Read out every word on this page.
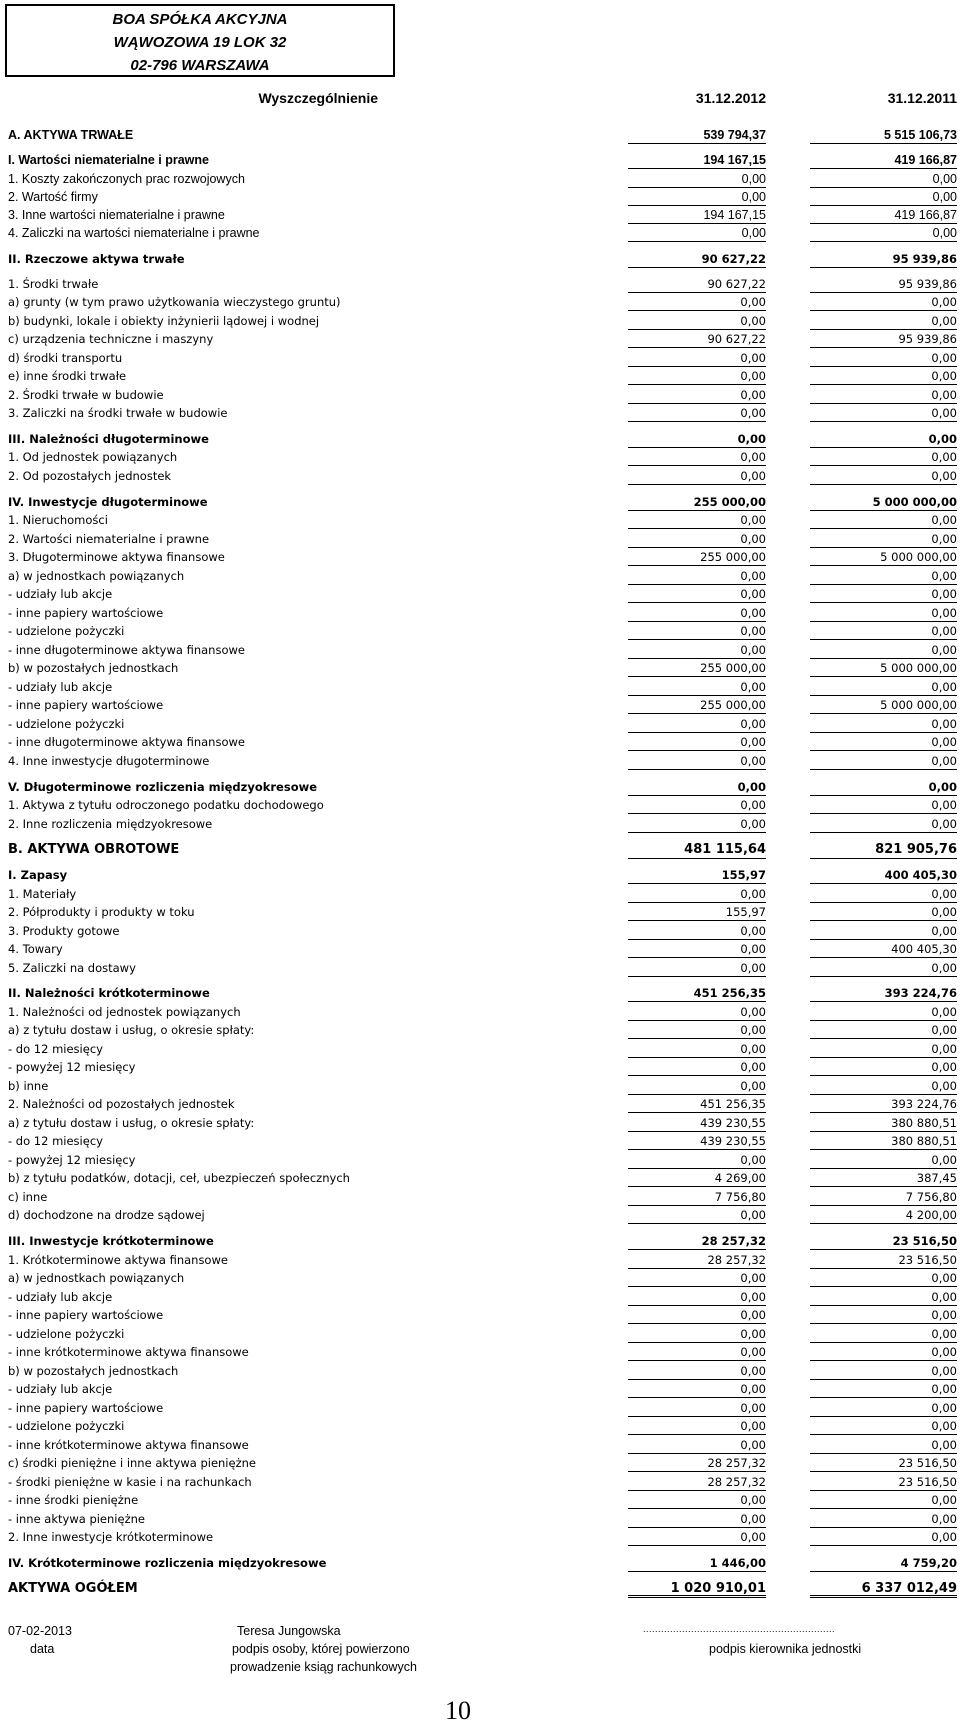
BOA SPÓŁKA AKCYJNA
WĄWOZOWA 19 LOK 32
02-796 WARSZAWA
Wyszczególnienie	31.12.2012	31.12.2011
A. AKTYWA TRWAŁE	539 794,37	5 515 106,73
I. Wartości niematerialne i prawne	194 167,15	419 166,87
1. Koszty zakończonych prac rozwojowych	0,00	0,00
2. Wartość firmy	0,00	0,00
3. Inne wartości niematerialne i prawne	194 167,15	419 166,87
4. Zaliczki na wartości niematerialne i prawne	0,00	0,00
II. Rzeczowe aktywa trwałe	90 627,22	95 939,86
1. Środki trwałe	90 627,22	95 939,86
a) grunty (w tym prawo użytkowania wieczystego gruntu)	0,00	0,00
b) budynki, lokale i obiekty inżynierii lądowej i wodnej	0,00	0,00
c) urządzenia techniczne i maszyny	90 627,22	95 939,86
d) środki transportu	0,00	0,00
e) inne środki trwałe	0,00	0,00
2. Środki trwałe w budowie	0,00	0,00
3. Zaliczki na środki trwałe w budowie	0,00	0,00
III. Należności długoterminowe	0,00	0,00
1. Od jednostek powiązanych	0,00	0,00
2. Od pozostałych jednostek	0,00	0,00
IV. Inwestycje długoterminowe	255 000,00	5 000 000,00
1. Nieruchomości	0,00	0,00
2. Wartości niematerialne i prawne	0,00	0,00
3. Długoterminowe aktywa finansowe	255 000,00	5 000 000,00
a) w jednostkach powiązanych	0,00	0,00
- udziały lub akcje	0,00	0,00
- inne papiery wartościowe	0,00	0,00
- udzielone pożyczki	0,00	0,00
- inne długoterminowe aktywa finansowe	0,00	0,00
b) w pozostałych jednostkach	255 000,00	5 000 000,00
- udziały lub akcje	0,00	0,00
- inne papiery wartościowe	255 000,00	5 000 000,00
- udzielone pożyczki	0,00	0,00
- inne długoterminowe aktywa finansowe	0,00	0,00
4. Inne inwestycje długoterminowe	0,00	0,00
V. Długoterminowe rozliczenia międzyokresowe	0,00	0,00
1. Aktywa z tytułu odroczonego podatku dochodowego	0,00	0,00
2. Inne rozliczenia międzyokresowe	0,00	0,00
B. AKTYWA OBROTOWE	481 115,64	821 905,76
I. Zapasy	155,97	400 405,30
1. Materiały	0,00	0,00
2. Półprodukty i produkty w toku	155,97	0,00
3. Produkty gotowe	0,00	0,00
4. Towary	0,00	400 405,30
5. Zaliczki na dostawy	0,00	0,00
II. Należności krótkoterminowe	451 256,35	393 224,76
1. Należności od jednostek powiązanych	0,00	0,00
a) z tytułu dostaw i usług, o okresie spłaty:	0,00	0,00
- do 12 miesięcy	0,00	0,00
- powyżej 12 miesięcy	0,00	0,00
b) inne	0,00	0,00
2. Należności od pozostałych jednostek	451 256,35	393 224,76
a) z tytułu dostaw i usług, o okresie spłaty:	439 230,55	380 880,51
- do 12 miesięcy	439 230,55	380 880,51
- powyżej 12 miesięcy	0,00	0,00
b) z tytułu podatków, dotacji, ceł, ubezpieczeń społecznych	4 269,00	387,45
c) inne	7 756,80	7 756,80
d) dochodzone na drodze sądowej	0,00	4 200,00
III. Inwestycje krótkoterminowe	28 257,32	23 516,50
1. Krótkoterminowe aktywa finansowe	28 257,32	23 516,50
a) w jednostkach powiązanych	0,00	0,00
- udziały lub akcje	0,00	0,00
- inne papiery wartościowe	0,00	0,00
- udzielone pożyczki	0,00	0,00
- inne krótkoterminowe aktywa finansowe	0,00	0,00
b) w pozostałych jednostkach	0,00	0,00
- udziały lub akcje	0,00	0,00
- inne papiery wartościowe	0,00	0,00
- udzielone pożyczki	0,00	0,00
- inne krótkoterminowe aktywa finansowe	0,00	0,00
c) środki pieniężne i inne aktywa pieniężne	28 257,32	23 516,50
- środki pieniężne w kasie i na rachunkach	28 257,32	23 516,50
- inne środki pieniężne	0,00	0,00
- inne aktywa pieniężne	0,00	0,00
2. Inne inwestycje krótkoterminowe	0,00	0,00
IV. Krótkoterminowe rozliczenia międzyokresowe	1 446,00	4 759,20
AKTYWA OGÓŁEM	1 020 910,01	6 337 012,49
07-02-2013
data
Teresa Jungowska
podpis osoby, której powierzono
prowadzenie ksiąg rachunkowych
................................................................
podpis kierownika jednostki
10
